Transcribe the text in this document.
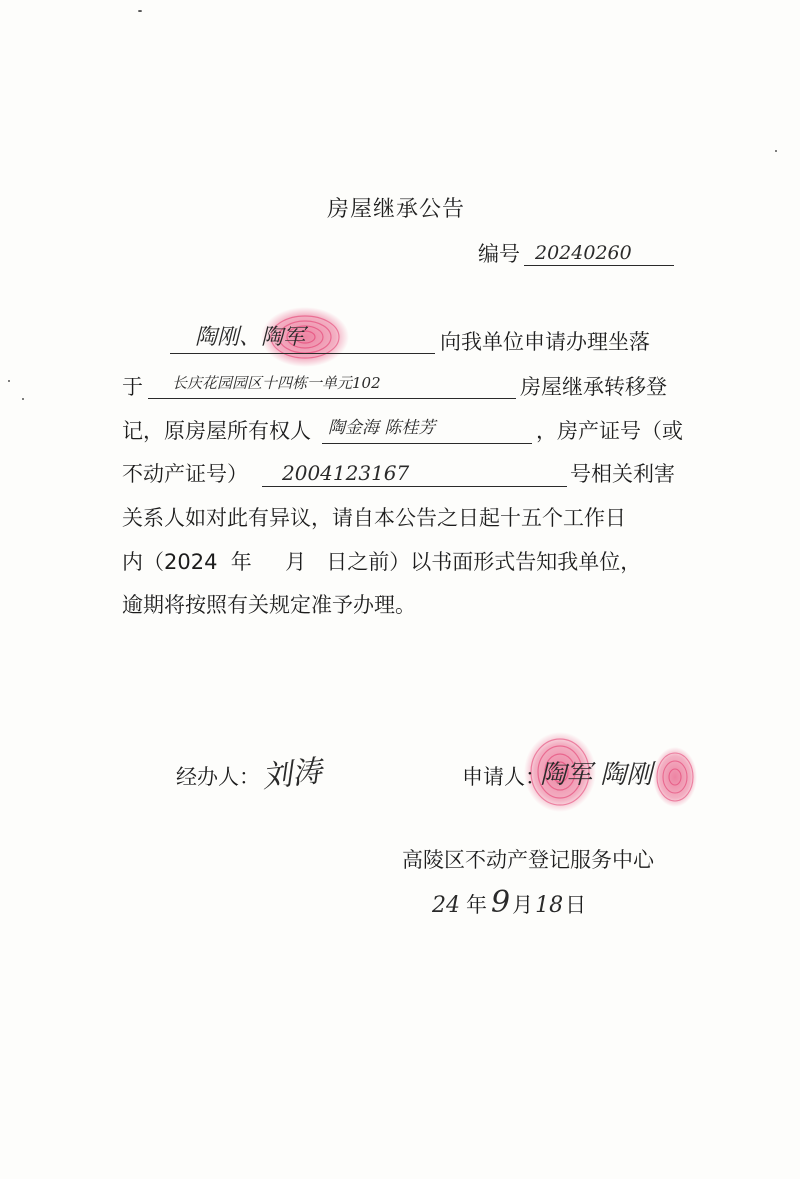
房屋继承公告
编号 20240260
陶刚、陶军	向我单位申请办理坐落
于 长庆花园园区十四栋一单元102	房屋继承转移登
记，原房屋所有权人 陶金海 陈桂芳	，房产证号（或
不动产证号） 2004123167	号相关利害
关系人如对此有异议，请自本公告之日起十五个工作日
内（2024  年     月   日之前）以书面形式告知我单位，
逾期将按照有关规定准予办理。
经办人： 刘涛	申请人：
陶军 陶刚
高陵区不动产登记服务中心
24 年 9 月 18 日
